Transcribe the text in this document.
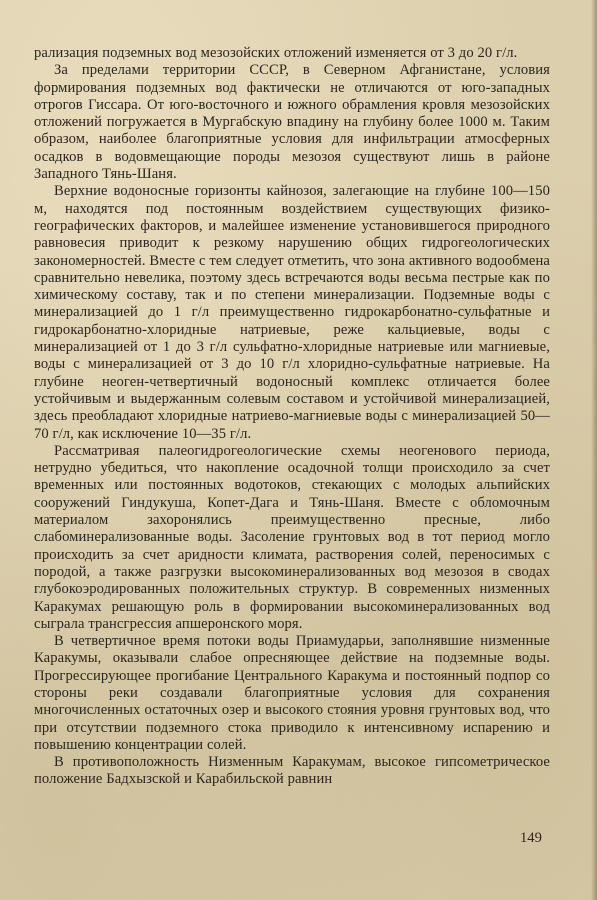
рализация подземных вод мезозойских отложений изменяется от 3 до 20 г/л.

За пределами территории СССР, в Северном Афганистане, условия формирования подземных вод фактически не отличаются от юго-западных отрогов Гиссара. От юго-восточного и южного обрамления кровля мезозойских отложений погружается в Мургабскую впадину на глубину более 1000 м. Таким образом, наиболее благоприятные условия для инфильтрации атмосферных осадков в водовмещающие породы мезозоя существуют лишь в районе Западного Тянь-Шаня.

Верхние водоносные горизонты кайнозоя, залегающие на глубине 100—150 м, находятся под постоянным воздействием существующих физико-географических факторов, и малейшее изменение установившегося природного равновесия приводит к резкому нарушению общих гидрогеологических закономерностей. Вместе с тем следует отметить, что зона активного водообмена сравнительно невелика, поэтому здесь встречаются воды весьма пестрые как по химическому составу, так и по степени минерализации. Подземные воды с минерализацией до 1 г/л преимущественно гидрокарбонатно-сульфатные и гидрокарбонатно-хлоридные натриевые, реже кальциевые, воды с минерализацией от 1 до 3 г/л сульфатно-хлоридные натриевые или магниевые, воды с минерализацией от 3 до 10 г/л хлоридно-сульфатные натриевые. На глубине неоген-четвертичный водоносный комплекс отличается более устойчивым и выдержанным солевым составом и устойчивой минерализацией, здесь преобладают хлоридные натриево-магниевые воды с минерализацией 50—70 г/л, как исключение 10—35 г/л.

Рассматривая палеогидрогеологические схемы неогенового периода, нетрудно убедиться, что накопление осадочной толщи происходило за счет временных или постоянных водотоков, стекающих с молодых альпийских сооружений Гиндукуша, Копет-Дага и Тянь-Шаня. Вместе с обломочным материалом захоронялись преимущественно пресные, либо слабоминерализованные воды. Засоление грунтовых вод в тот период могло происходить за счет аридности климата, растворения солей, переносимых с породой, а также разгрузки высокоминерализованных вод мезозоя в сводах глубокоэродированных положительных структур. В современных низменных Каракумах решающую роль в формировании высокоминерализованных вод сыграла трансгрессия апшеронского моря.

В четвертичное время потоки воды Приамударьи, заполнявшие низменные Каракумы, оказывали слабое опресняющее действие на подземные воды. Прогрессирующее прогибание Центрального Каракума и постоянный подпор со стороны реки создавали благоприятные условия для сохранения многочисленных остаточных озер и высокого стояния уровня грунтовых вод, что при отсутствии подземного стока приводило к интенсивному испарению и повышению концентрации солей.

В противоположность Низменным Каракумам, высокое гипсометрическое положение Бадхызской и Карабильской равнин

149
